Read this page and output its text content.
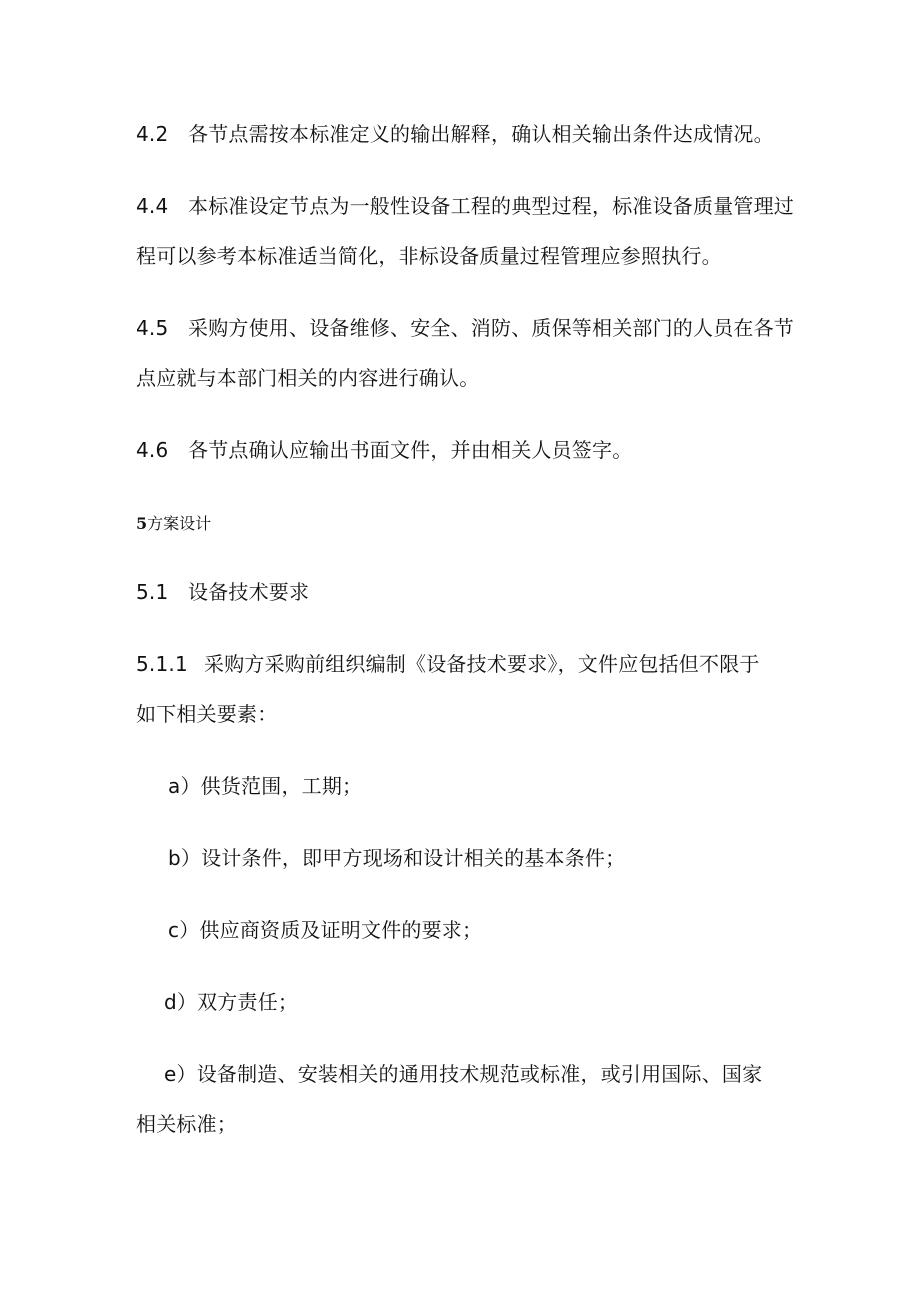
4.2 各节点需按本标准定义的输出解释，确认相关输出条件达成情况。
4.4 本标准设定节点为一般性设备工程的典型过程，标准设备质量管理过
程可以参考本标准适当简化，非标设备质量过程管理应参照执行。
4.5 采购方使用、设备维修、安全、消防、质保等相关部门的人员在各节
点应就与本部门相关的内容进行确认。
4.6 各节点确认应输出书面文件，并由相关人员签字。
5方案设计
5.1 设备技术要求
5.1.1 采购方采购前组织编制《设备技术要求》，文件应包括但不限于
如下相关要素：
a）供货范围，工期；
b）设计条件，即甲方现场和设计相关的基本条件；
c）供应商资质及证明文件的要求；
d）双方责任；
e）设备制造、安装相关的通用技术规范或标准，或引用国际、国家
相关标准；
